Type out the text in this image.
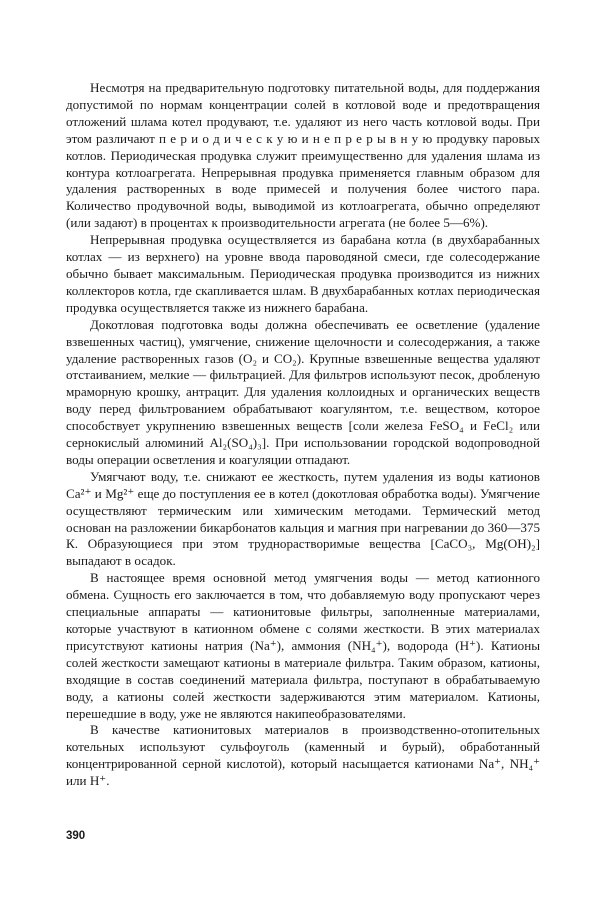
Несмотря на предварительную подготовку питательной воды, для поддержания допустимой по нормам концентрации солей в котловой воде и предотвращения отложений шлама котел продувают, т.е. удаляют из него часть котловой воды. При этом различают п е р и о д и ч е с к у ю и н е п р е р ы в н у ю продувку паровых котлов. Периодическая продувка служит преимущественно для удаления шлама из контура котлоагрегата. Непрерывная продувка применяется главным образом для удаления растворенных в воде примесей и получения более чистого пара. Количество продувочной воды, выводимой из котлоагрегата, обычно определяют (или задают) в процентах к производительности агрегата (не более 5—6%).

Непрерывная продувка осуществляется из барабана котла (в двухбарабанных котлах — из верхнего) на уровне ввода пароводяной смеси, где солесодержание обычно бывает максимальным. Периодическая продувка производится из нижних коллекторов котла, где скапливается шлам. В двухбарабанных котлах периодическая продувка осуществляется также из нижнего барабана.

Докотловая подготовка воды должна обеспечивать ее осветление (удаление взвешенных частиц), умягчение, снижение щелочности и солесодержания, а также удаление растворенных газов (O₂ и CO₂). Крупные взвешенные вещества удаляют отстаиванием, мелкие — фильтрацией. Для фильтров используют песок, дробленую мраморную крошку, антрацит. Для удаления коллоидных и органических веществ воду перед фильтрованием обрабатывают коагулянтом, т.е. веществом, которое способствует укрупнению взвешенных веществ [соли железа FeSO₄ и FeCl₂ или сернокислый алюминий Al₂(SO₄)₃]. При использовании городской водопроводной воды операции осветления и коагуляции отпадают.

Умягчают воду, т.е. снижают ее жесткость, путем удаления из воды катионов Ca²⁺ и Mg²⁺ еще до поступления ее в котел (докотловая обработка воды). Умягчение осуществляют термическим или химическим методами. Термический метод основан на разложении бикарбонатов кальция и магния при нагревании до 360—375 К. Образующиеся при этом труднорастворимые вещества [CaCO₃, Mg(OH)₂] выпадают в осадок.

В настоящее время основной метод умягчения воды — метод катионного обмена. Сущность его заключается в том, что добавляемую воду пропускают через специальные аппараты — катионитовые фильтры, заполненные материалами, которые участвуют в катионном обмене с солями жесткости. В этих материалах присутствуют катионы натрия (Na⁺), аммония (NH₄⁺), водорода (H⁺). Катионы солей жесткости замещают катионы в материале фильтра. Таким образом, катионы, входящие в состав соединений материала фильтра, поступают в обрабатываемую воду, а катионы солей жесткости задерживаются этим материалом. Катионы, перешедшие в воду, уже не являются накипеобразователями.

В качестве катионитовых материалов в производственно-отопительных котельных используют сульфоуголь (каменный и бурый), обработанный концентрированной серной кислотой), который насыщается катионами Na⁺, NH₄⁺ или H⁺.

390
